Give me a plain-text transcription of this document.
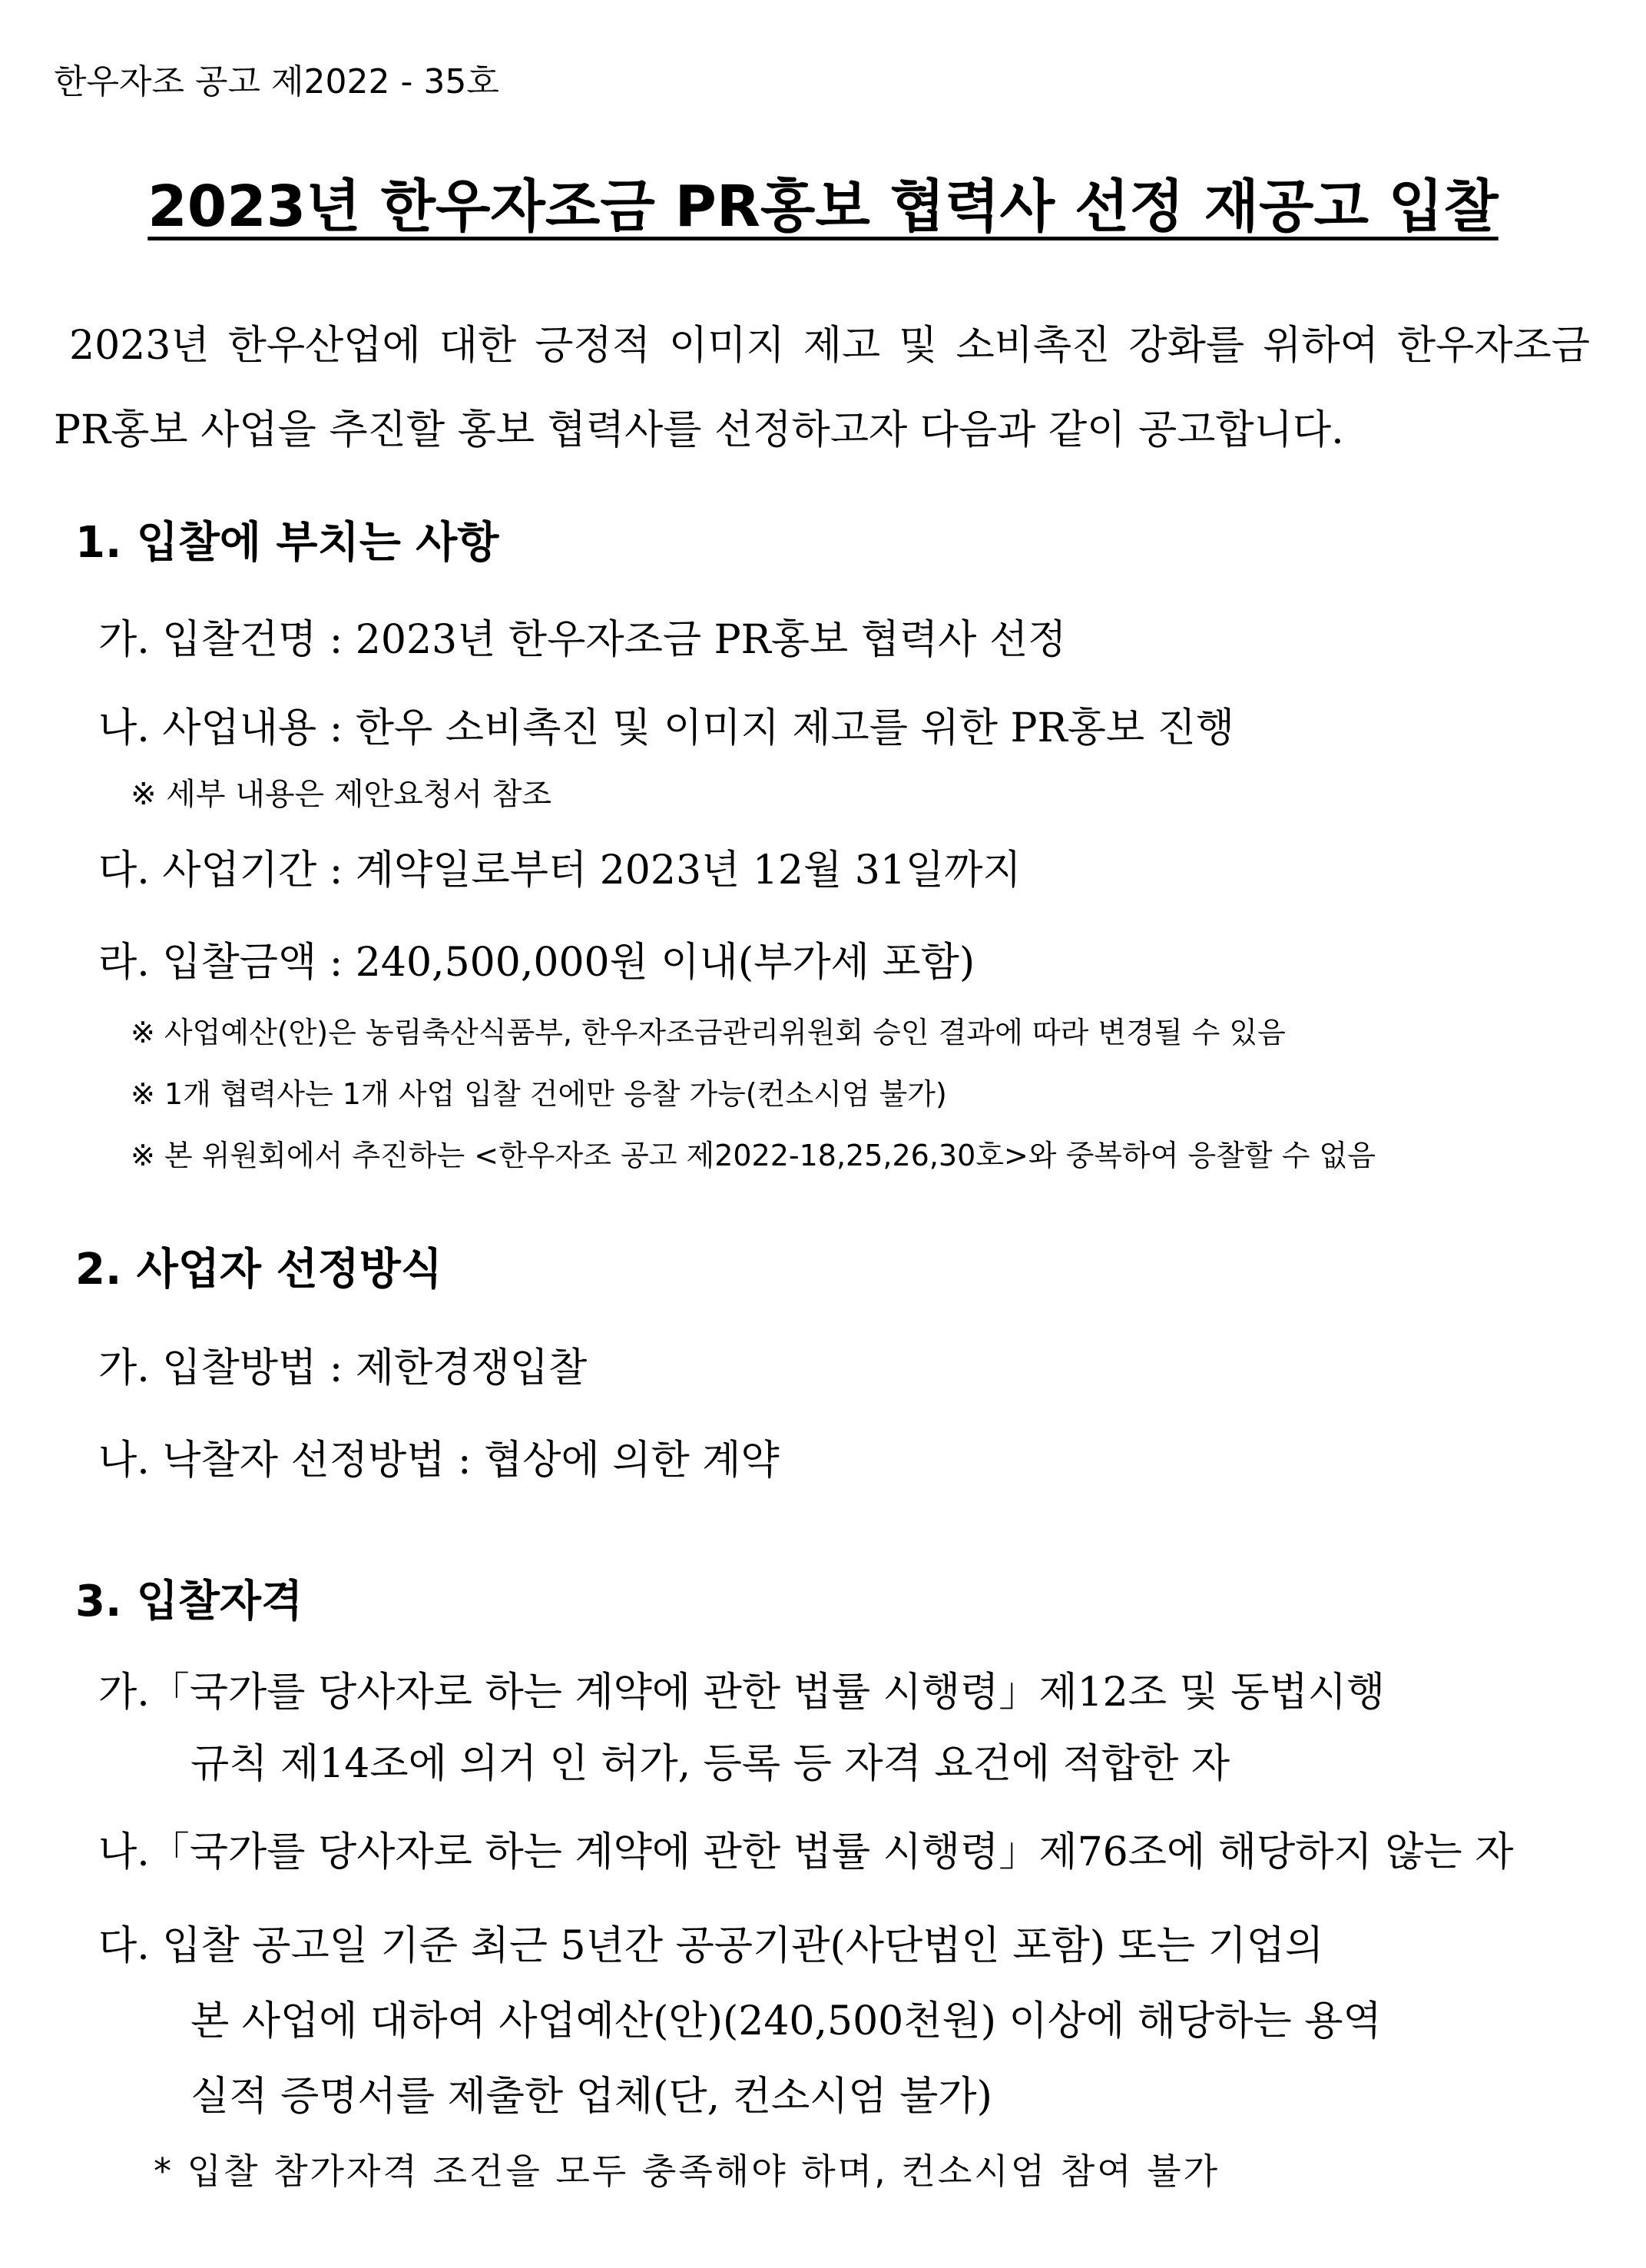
한우자조 공고 제2022 - 35호
2023년 한우자조금 PR홍보 협력사 선정 재공고 입찰
2023년 한우산업에 대한 긍정적 이미지 제고 및 소비촉진 강화를 위하여 한우자조금
PR홍보 사업을 추진할 홍보 협력사를 선정하고자 다음과 같이 공고합니다.
1. 입찰에 부치는 사항
가. 입찰건명 : 2023년 한우자조금 PR홍보 협력사 선정
나. 사업내용 : 한우 소비촉진 및 이미지 제고를 위한 PR홍보 진행
※ 세부 내용은 제안요청서 참조
다. 사업기간 : 계약일로부터 2023년 12월 31일까지
라. 입찰금액 : 240,500,000원 이내(부가세 포함)
※ 사업예산(안)은 농림축산식품부, 한우자조금관리위원회 승인 결과에 따라 변경될 수 있음
※ 1개 협력사는 1개 사업 입찰 건에만 응찰 가능(컨소시엄 불가)
※ 본 위원회에서 추진하는 <한우자조 공고 제2022-18,25,26,30호>와 중복하여 응찰할 수 없음
2. 사업자 선정방식
가. 입찰방법 : 제한경쟁입찰
나. 낙찰자 선정방법 : 협상에 의한 계약
3. 입찰자격
가.「국가를 당사자로 하는 계약에 관한 법률 시행령」제12조 및 동법시행
규칙 제14조에 의거 인 허가, 등록 등 자격 요건에 적합한 자
나.「국가를 당사자로 하는 계약에 관한 법률 시행령」제76조에 해당하지 않는 자
다. 입찰 공고일 기준 최근 5년간 공공기관(사단법인 포함) 또는 기업의
본 사업에 대하여 사업예산(안)(240,500천원) 이상에 해당하는 용역
실적 증명서를 제출한 업체(단, 컨소시엄 불가)
* 입찰 참가자격 조건을 모두 충족해야 하며, 컨소시엄 참여 불가
